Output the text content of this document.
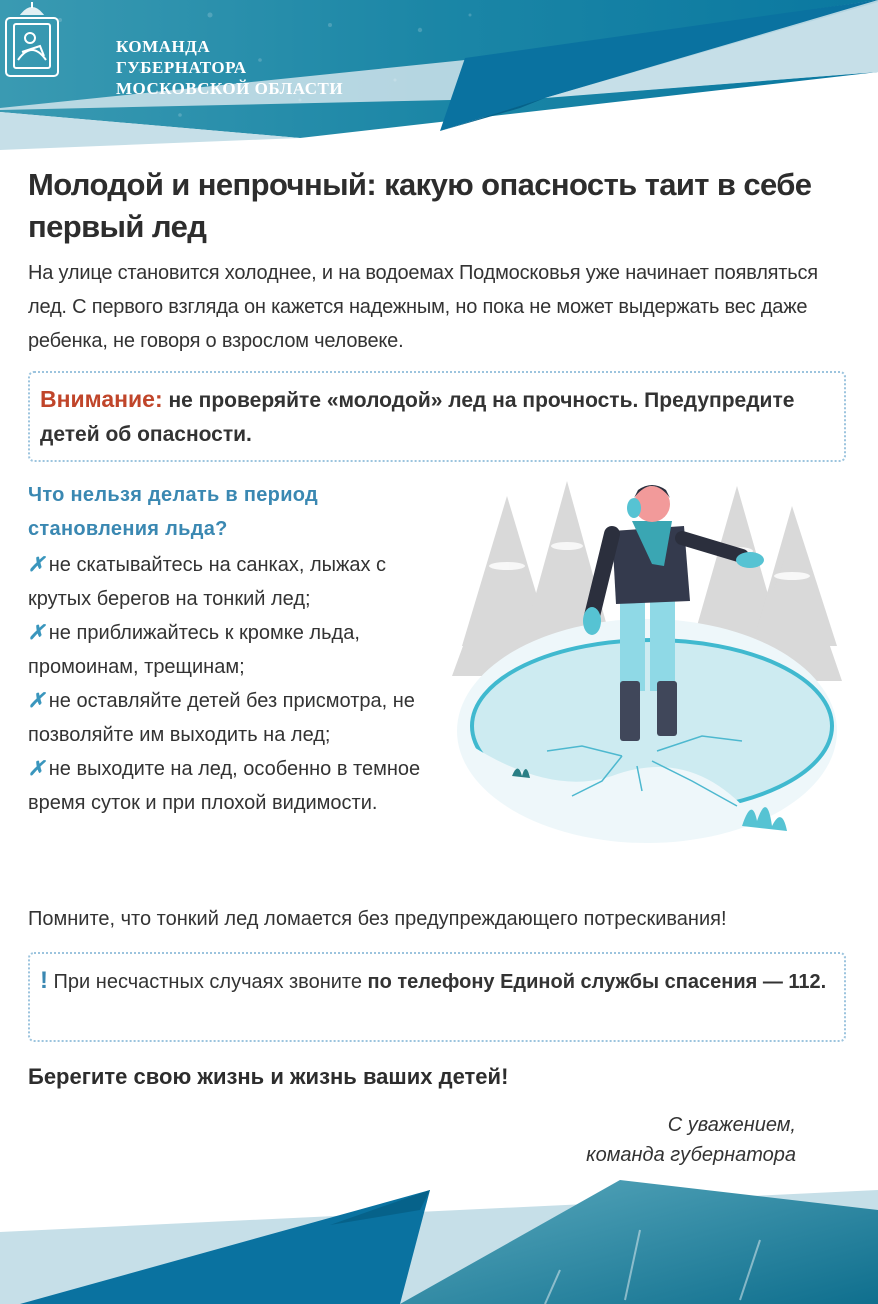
КОМАНДА
ГУБЕРНАТОРА
МОСКОВСКОЙ ОБЛАСТИ
Молодой и непрочный: какую опасность таит в себе первый лед

На улице становится холоднее, и на водоемах Подмосковья уже начинает появляться лед. С первого взгляда он кажется надежным, но пока не может выдержать вес даже ребенка, не говоря о взрослом человеке.

Внимание: не проверяйте «молодой» лед на прочность. Предупредите детей об опасности.
Что нельзя делать в период становления льда?
✗ не скатывайтесь на санках, лыжах с крутых берегов на тонкий лед;
✗ не приближайтесь к кромке льда, промоинам, трещинам;
✗ не оставляйте детей без присмотра, не позволяйте им выходить на лед;
✗ не выходите на лед, особенно в темное время суток и при плохой видимости.

Помните, что тонкий лед ломается без предупреждающего потрескивания!

! При несчастных случаях звоните по телефону Единой службы спасения — 112.

Берегите свою жизнь и жизнь ваших детей!

С уважением,
команда губернатора
